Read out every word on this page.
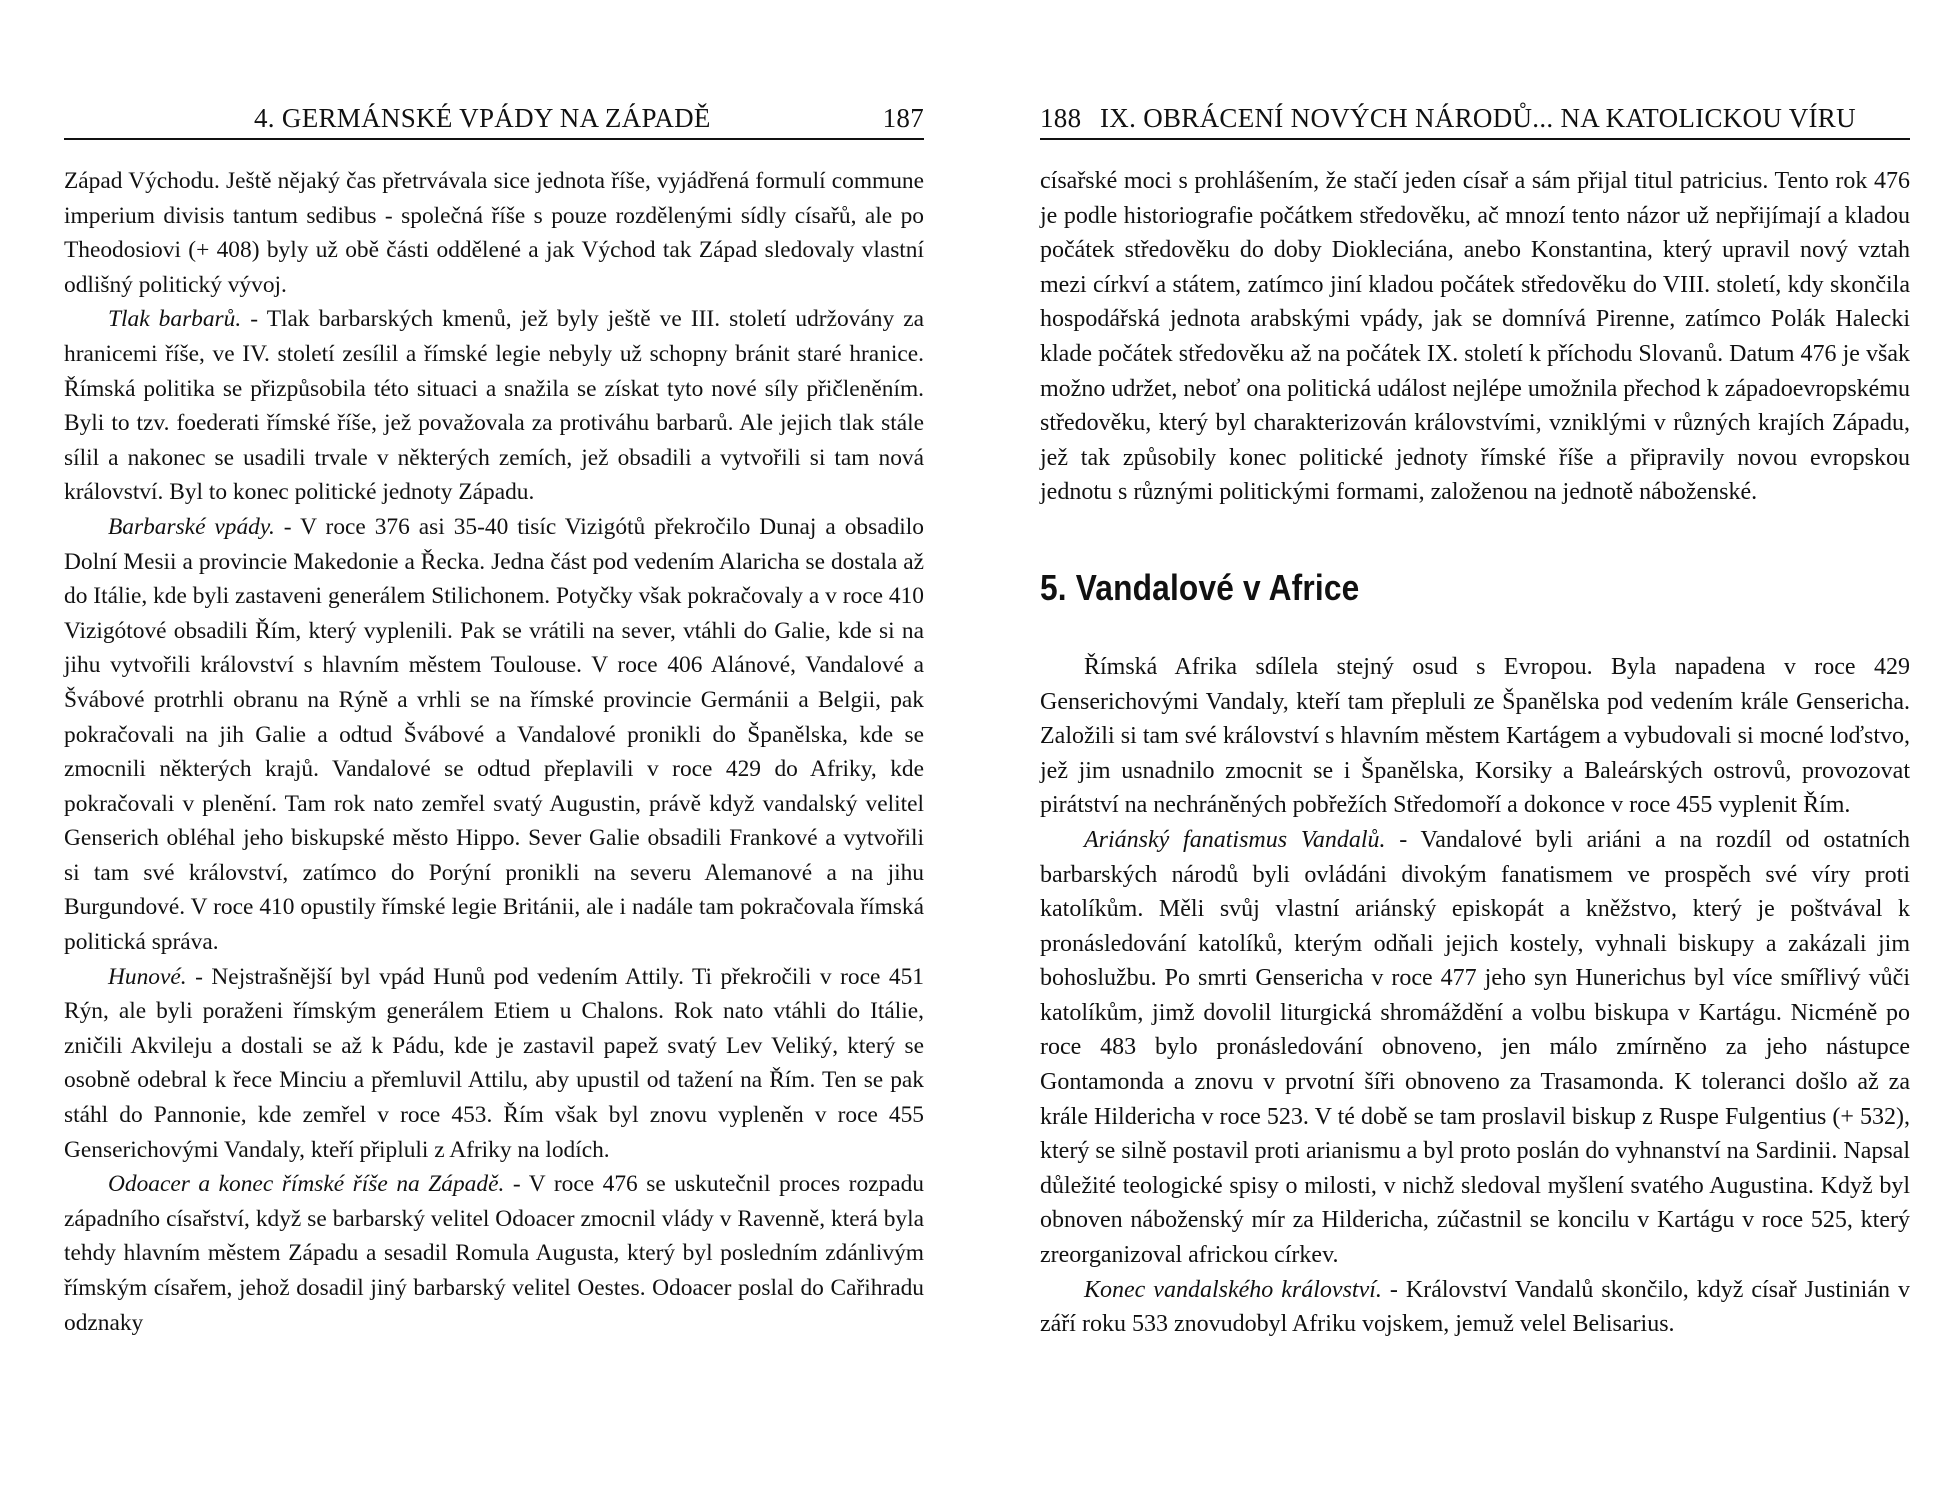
4. GERMÁNSKÉ VPÁDY NA ZÁPADĚ	187

Západ Východu. Ještě nějaký čas přetrvávala sice jednota říše, vyjádřená formulí commune imperium divisis tantum sedibus - společná říše s pouze rozdělenými sídly císařů, ale po Theodosiovi (+ 408) byly už obě části oddělené a jak Východ tak Západ sledovaly vlastní odlišný politický vývoj.

Tlak barbarů. - Tlak barbarských kmenů, jež byly ještě ve III. století udržovány za hranicemi říše, ve IV. století zesílil a římské legie nebyly už schopny bránit staré hranice. Římská politika se přizpůsobila této situaci a snažila se získat tyto nové síly přičleněním. Byli to tzv. foederati římské říše, jež považovala za protiváhu barbarů. Ale jejich tlak stále sílil a nakonec se usadili trvale v některých zemích, jež obsadili a vytvořili si tam nová království. Byl to konec politické jednoty Západu.

Barbarské vpády. - V roce 376 asi 35-40 tisíc Vizigótů překročilo Dunaj a obsadilo Dolní Mesii a provincie Makedonie a Řecka. Jedna část pod vedením Alaricha se dostala až do Itálie, kde byli zastaveni generálem Stilichonem. Potyčky však pokračovaly a v roce 410 Vizigótové obsadili Řím, který vyplenili. Pak se vrátili na sever, vtáhli do Galie, kde si na jihu vytvořili království s hlavním městem Toulouse. V roce 406 Alánové, Vandalové a Švábové protrhli obranu na Rýně a vrhli se na římské provincie Germánii a Belgii, pak pokračovali na jih Galie a odtud Švábové a Vandalové pronikli do Španělska, kde se zmocnili některých krajů. Vandalové se odtud přeplavili v roce 429 do Afriky, kde pokračovali v plenění. Tam rok nato zemřel svatý Augustin, právě když vandalský velitel Genserich obléhal jeho biskupské město Hippo. Sever Galie obsadili Frankové a vytvořili si tam své království, zatímco do Porýní pronikli na severu Alemanové a na jihu Burgundové. V roce 410 opustily římské legie Británii, ale i nadále tam pokračovala římská politická správa.

Hunové. - Nejstrašnější byl vpád Hunů pod vedením Attily. Ti překročili v roce 451 Rýn, ale byli poraženi římským generálem Etiem u Chalons. Rok nato vtáhli do Itálie, zničili Akvileju a dostali se až k Pádu, kde je zastavil papež svatý Lev Veliký, který se osobně odebral k řece Minciu a přemluvil Attilu, aby upustil od tažení na Řím. Ten se pak stáhl do Pannonie, kde zemřel v roce 453. Řím však byl znovu vypleněn v roce 455 Genserichovými Vandaly, kteří připluli z Afriky na lodích.

Odoacer a konec římské říše na Západě. - V roce 476 se uskutečnil proces rozpadu západního císařství, když se barbarský velitel Odoacer zmocnil vlády v Ravenně, která byla tehdy hlavním městem Západu a sesadil Romula Augusta, který byl posledním zdánlivým římským císařem, jehož dosadil jiný barbarský velitel Oestes. Odoacer poslal do Cařihradu odznaky

188 IX. OBRÁCENÍ NOVÝCH NÁRODŮ... NA KATOLICKOU VÍRU

císařské moci s prohlášením, že stačí jeden císař a sám přijal titul patricius. Tento rok 476 je podle historiografie počátkem středověku, ač mnozí tento názor už nepřijímají a kladou počátek středověku do doby Diokleciána, anebo Konstantina, který upravil nový vztah mezi církví a státem, zatímco jiní kladou počátek středověku do VIII. století, kdy skončila hospodářská jednota arabskými vpády, jak se domnívá Pirenne, zatímco Polák Halecki klade počátek středověku až na počátek IX. století k příchodu Slovanů. Datum 476 je však možno udržet, neboť ona politická událost nejlépe umožnila přechod k západoevropskému středověku, který byl charakterizován královstvími, vzniklými v různých krajích Západu, jež tak způsobily konec politické jednoty římské říše a připravily novou evropskou jednotu s různými politickými formami, založenou na jednotě náboženské.

5. Vandalové v Africe

Římská Afrika sdílela stejný osud s Evropou. Byla napadena v roce 429 Genserichovými Vandaly, kteří tam přepluli ze Španělska pod vedením krále Genserichа. Založili si tam své království s hlavním městem Kartágem a vybudovali si mocné loďstvo, jež jim usnadnilo zmocnit se i Španělska, Korsiky a Baleárských ostrovů, provozovat pirátství na nechráněných pobřežích Středomoří a dokonce v roce 455 vyplenit Řím.

Ariánský fanatismus Vandalů. - Vandalové byli ariáni a na rozdíl od ostatních barbarských národů byli ovládáni divokým fanatismem ve prospěch své víry proti katolíkům. Měli svůj vlastní ariánský episkopát a kněžstvo, který je poštvával k pronásledování katolíků, kterým odňali jejich kostely, vyhnali biskupy a zakázali jim bohoslužbu. Po smrti Genserichа v roce 477 jeho syn Hunerichus byl více smířlivý vůči katolíkům, jimž dovolil liturgická shromáždění a volbu biskupa v Kartágu. Nicméně po roce 483 bylo pronásledování obnoveno, jen málo zmírněno za jeho nástupce Gontamonda a znovu v prvotní šíři obnoveno za Trasamonda. K toleranci došlo až za krále Hildericha v roce 523. V té době se tam proslavil biskup z Ruspe Fulgentius (+ 532), který se silně postavil proti arianismu a byl proto poslán do vyhnanství na Sardinii. Napsal důležité teologické spisy o milosti, v nichž sledoval myšlení svatého Augustina. Když byl obnoven náboženský mír za Hildericha, zúčastnil se koncilu v Kartágu v roce 525, který zreorganizoval africkou církev.

Konec vandalského království. - Království Vandalů skončilo, když císař Justinián v září roku 533 znovudobyl Afriku vojskem, jemuž velel Belisarius.
